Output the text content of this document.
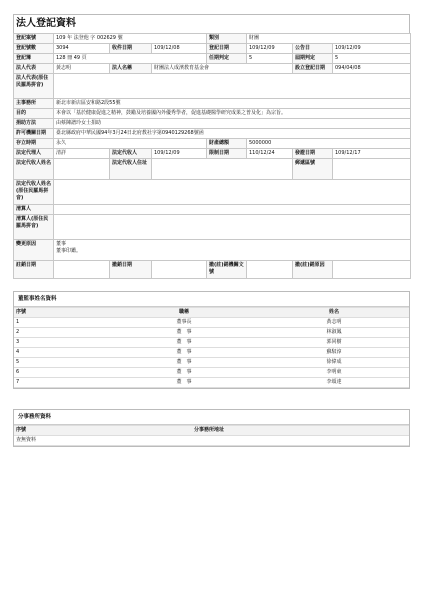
法人登記資料
登記案號	109 年 法登他 字 002629 號			類別	財團		
登記號數	3094	收件日期	109/12/08	登記日期	109/12/09	公告日	109/12/09
登記簿	128 冊 49 頁			任期判定	5	屆期判定	5
法人代表	黃志明	法人名稱	財團法人成濱教育基金會			設立登記日期	094/04/08
法人代表(原住民羅馬拼音)							
主事務所	新北市新店區安和路2段55號						
目的	本會以「基於健康促進之精神，鼓勵及培養國內外優秀學者，促進基礎醫學研究成果之普及化」為宗旨。						
捐助方法	由蔡陳譜玲女士捐助						
許可機關日期	臺北縣政府中華民國94年3月24日北府教社字第0940129268號函						
存立時期	永久			財產總額	5000000		
法定代理人	清詳	法定代收人	109/12/09	限制日期	110/12/24	發證日期	109/12/17
法定代收人姓名		法定代收人住址				郵遞區號	
法定代收人姓名(原住民羅馬拼音)							
清算人							
清算人(原住民羅馬拼音)							
變更原因	董事
董事印鑑。						
註銷日期		撤銷日期		撤(註)銷機關文號		撤(註)銷原因	
董監事姓名資料
序號	職稱	姓名
1	董事長	黃志明
2	董　事	林淑鳳
3	董　事	郭同樹
4	董　事	蘇馭淳
5	董　事	徐偉成
6	董　事	李明東
7	董　事	李頌達
分事務所資料
序號	分事務所地址
查無資料
